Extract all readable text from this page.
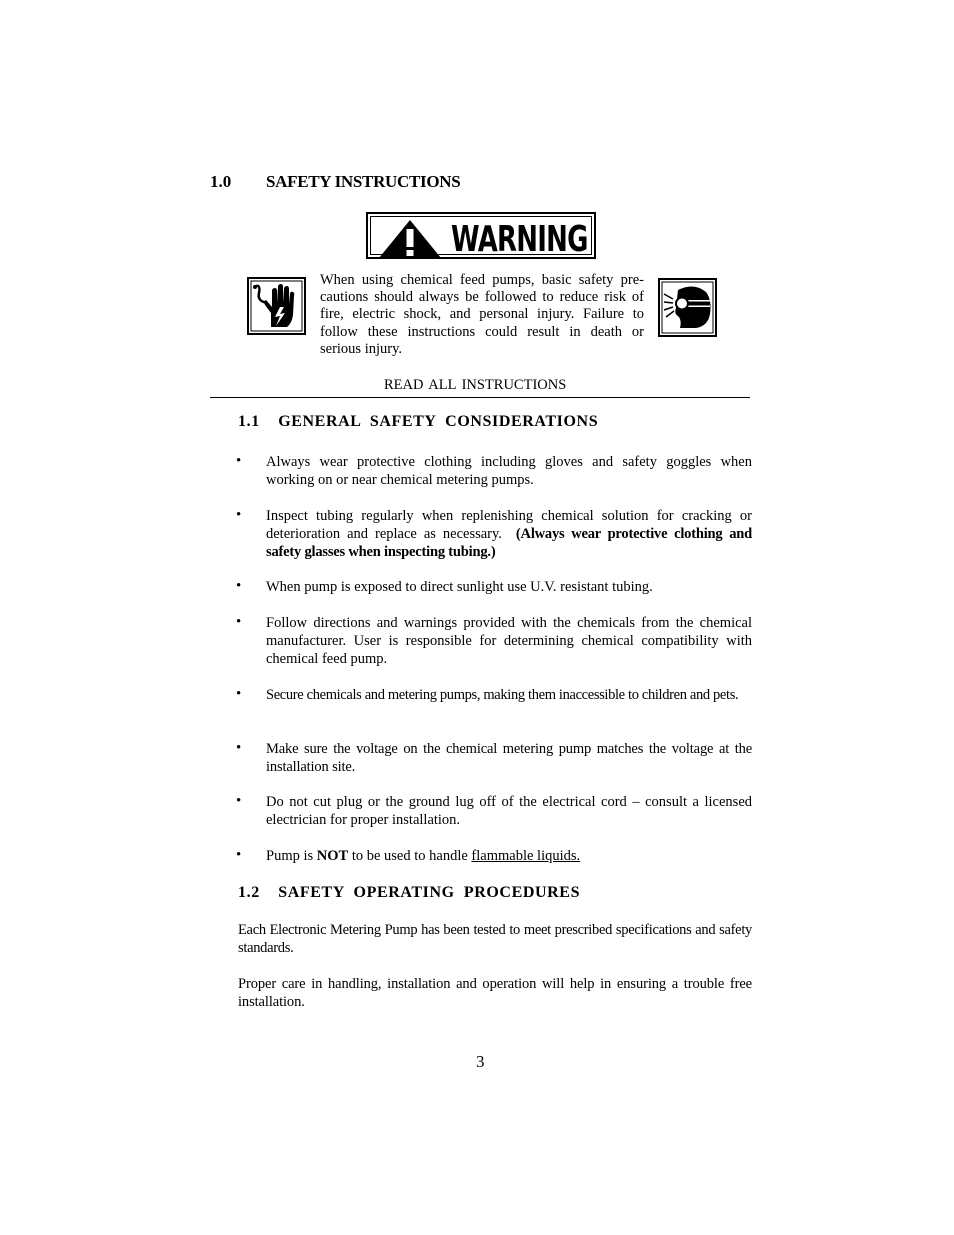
1.0 SAFETY INSTRUCTIONS
WARNING
When using chemical feed pumps, basic safety pre- cautions should always be followed to reduce risk of fire, electric shock, and personal injury. Failure to follow these instructions could result in death or serious injury.
READ ALL INSTRUCTIONS
1.1    GENERAL  SAFETY  CONSIDERATIONS
• Always wear protective clothing including gloves and safety goggles when working on or near chemical metering pumps.
• Inspect tubing regularly when replenishing chemical solution for cracking or deterioration and replace as necessary. (Always wear protective clothing and safety glasses when inspecting tubing.)
• When pump is exposed to direct sunlight use U.V. resistant tubing.
• Follow directions and warnings provided with the chemicals from the chemical manufacturer. User is responsible for determining chemical compatibility with chemical feed pump.
• Secure chemicals and metering pumps, making them inaccessible to children and pets.
• Make sure the voltage on the chemical metering pump matches the voltage at the installation site.
• Do not cut plug or the ground lug off of the electrical cord – consult a licensed electrician for proper installation.
• Pump is NOT to be used to handle flammable liquids.
1.2    SAFETY  OPERATING  PROCEDURES
Each Electronic Metering Pump has been tested to meet prescribed specifications and safety standards.
Proper care in handling, installation and operation will help in ensuring a trouble free installation.
3
